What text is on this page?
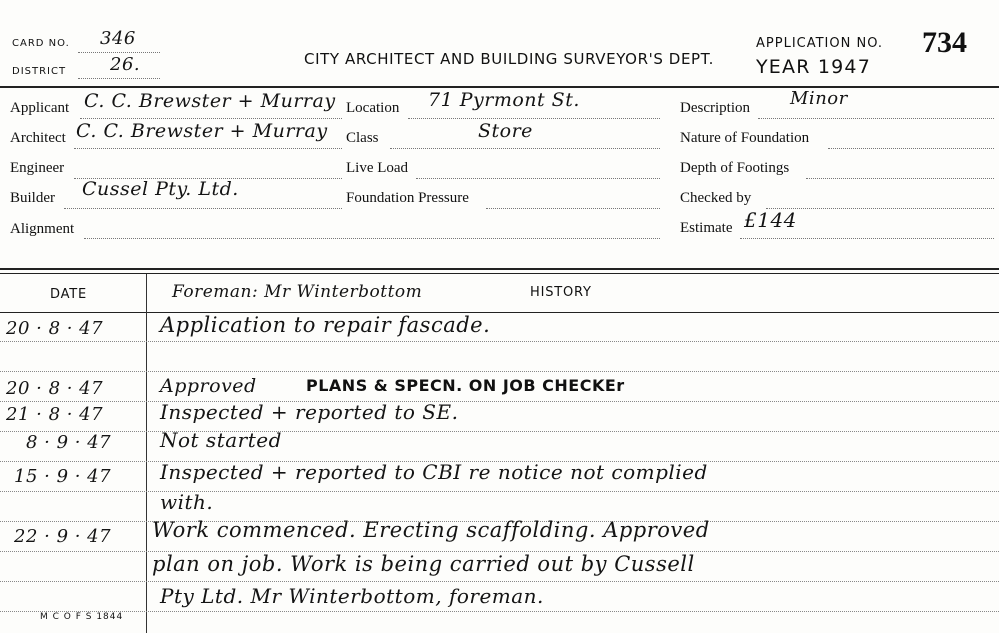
CARD NO. 346
DISTRICT 26.	CITY ARCHITECT AND BUILDING SURVEYOR'S DEPT.
APPLICATION NO. 734
YEAR 1947
Applicant C. C. Brewster + Murray Location 71 Pyrmont St.	Description Minor
Architect C. C. Brewster + Murray Class	Store	Nature of Foundation
Engineer	Live Load	Depth of Footings
Builder Cussel Pty. Ltd.	Foundation Pressure	Checked by
Alignment	Estimate £144
DATE	HISTORY
Foreman: Mr Winterbottom
20 · 8 · 47	Application to repair fascade.
20 · 8 · 47	Approved	PLANS & SPECN. ON JOB CHECKEr
21 · 8 · 47	Inspected + reported to SE.
8 · 9 · 47 Not started
15 · 9 · 47 Inspected + reported to CBI re notice not complied
with.
22 · 9 · 47 Work commenced. Erecting scaffolding. Approved
plan on job. Work is being carried out by Cussell
Pty Ltd. Mr Winterbottom, foreman.
M C O F S 1844
